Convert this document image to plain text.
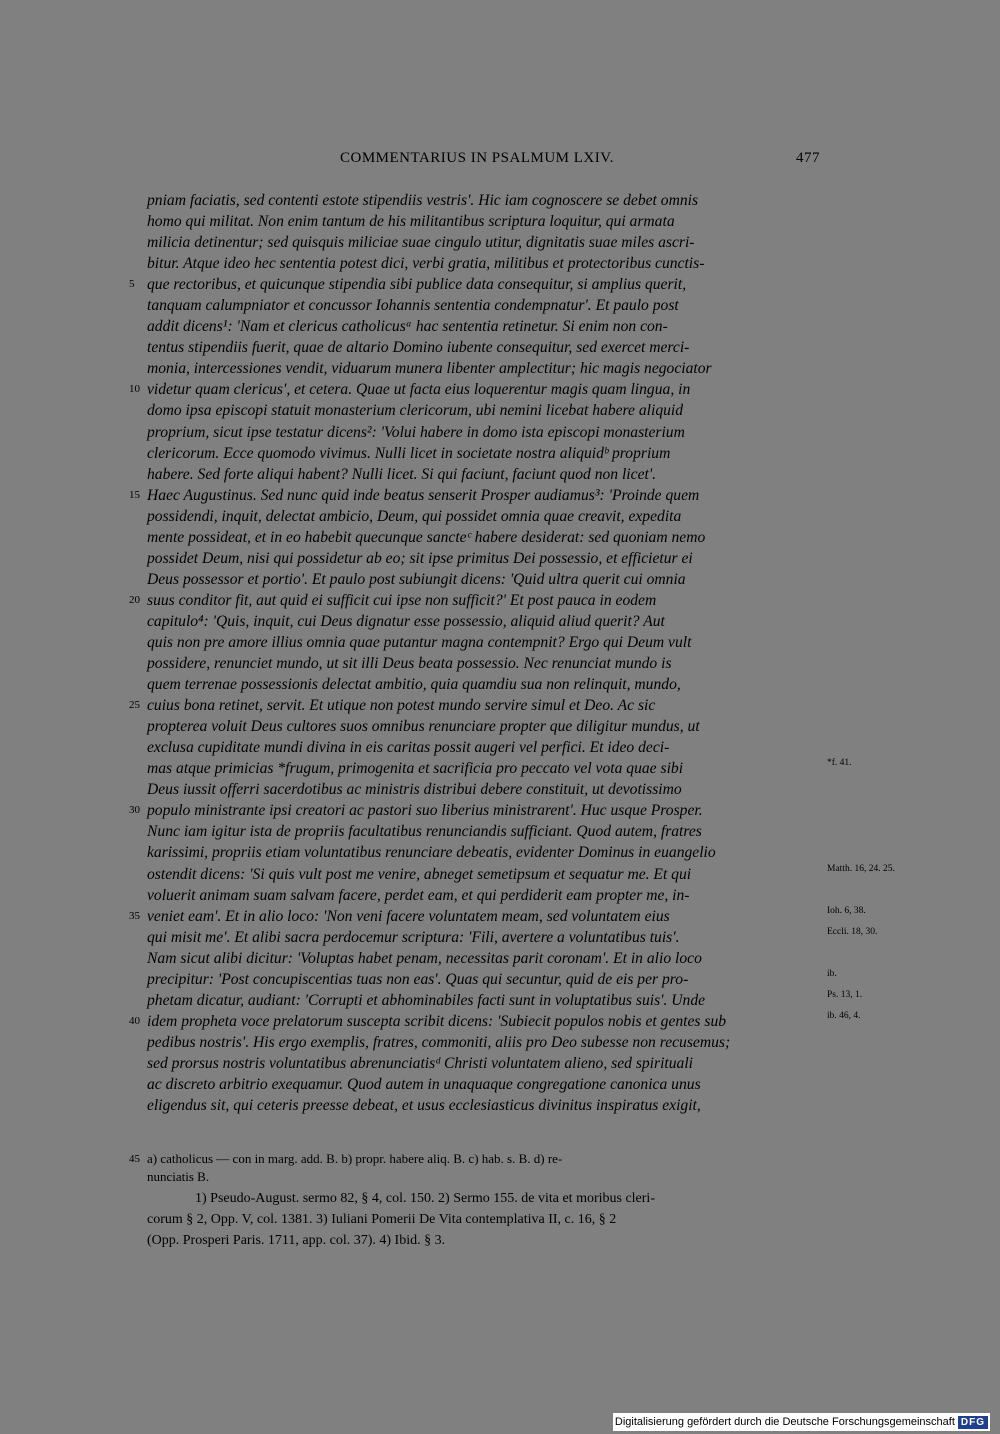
COMMENTARIUS IN PSALMUM LXIV.	477
pniam faciatis, sed contenti estote stipendiis vestris'. Hic iam cognoscere se debet omnis
homo qui militat. Non enim tantum de his militantibus scriptura loquitur, qui armata
milicia detinentur; sed quisquis miliciae suae cingulo utitur, dignitatis suae miles ascri-
bitur. Atque ideo hec sententia potest dici, verbi gratia, militibus et protectoribus cunctis-
5 que rectoribus, et quicunque stipendia sibi publice data consequitur, si amplius querit,
tanquam calumpniator et concussor Iohannis sententia condempnatur'. Et paulo post
addit dicens¹: 'Nam et clericus catholicusᵃ hac sententia retinetur. Si enim non con-
tentus stipendiis fuerit, quae de altario Domino iubente consequitur, sed exercet merci-
monia, intercessiones vendit, viduarum munera libenter amplectitur; hic magis negociator
10 videtur quam clericus', et cetera. Quae ut facta eius loquerentur magis quam lingua, in
domo ipsa episcopi statuit monasterium clericorum, ubi nemini licebat habere aliquid
proprium, sicut ipse testatur dicens²: 'Volui habere in domo ista episcopi monasterium
clericorum. Ecce quomodo vivimus. Nulli licet in societate nostra aliquidᵇ proprium
habere. Sed forte aliqui habent? Nulli licet. Si qui faciunt, faciunt quod non licet'.
15 Haec Augustinus. Sed nunc quid inde beatus senserit Prosper audiamus³: 'Proinde quem
possidendi, inquit, delectat ambicio, Deum, qui possidet omnia quae creavit, expedita
mente possideat, et in eo habebit quecunque sancteᶜ habere desiderat: sed quoniam nemo
possidet Deum, nisi qui possidetur ab eo; sit ipse primitus Dei possessio, et efficietur ei
Deus possessor et portio'. Et paulo post subiungit dicens: 'Quid ultra querit cui omnia
20 suus conditor fit, aut quid ei sufficit cui ipse non sufficit?' Et post pauca in eodem
capitulo⁴: 'Quis, inquit, cui Deus dignatur esse possessio, aliquid aliud querit? Aut
quis non pre amore illius omnia quae putantur magna contempnit? Ergo qui Deum vult
possidere, renunciet mundo, ut sit illi Deus beata possessio. Nec renunciat mundo is
quem terrenae possessionis delectat ambitio, quia quamdiu sua non relinquit, mundo,
25 cuius bona retinet, servit. Et utique non potest mundo servire simul et Deo. Ac sic
propterea voluit Deus cultores suos omnibus renunciare propter que diligitur mundus, ut
exclusa cupiditate mundi divina in eis caritas possit augeri vel perfici. Et ideo deci-
mas atque primicias *frugum, primogenita et sacrificia pro peccato vel vota quae sibi	*f. 41.
Deus iussit offerri sacerdotibus ac ministris distribui debere constituit, ut devotissimo
30 populo ministrante ipsi creatori ac pastori suo liberius ministrarent'. Huc usque Prosper.
Nunc iam igitur ista de propriis facultatibus renunciandis sufficiant. Quod autem, fratres
karissimi, propriis etiam voluntatibus renunciare debeatis, evidenter Dominus in euangelio
ostendit dicens: 'Si quis vult post me venire, abneget semetipsum et sequatur me. Et qui	Matth. 16, 24. 25.
voluerit animam suam salvam facere, perdet eam, et qui perdiderit eam propter me, in-
35 veniet eam'. Et in alio loco: 'Non veni facere voluntatem meam, sed voluntatem eius	Ioh. 6, 38.
qui misit me'. Et alibi sacra perdocemur scriptura: 'Fili, avertere a voluntatibus tuis'.	Eccli. 18, 30.
Nam sicut alibi dicitur: 'Voluptas habet penam, necessitas parit coronam'. Et in alio loco
precipitur: 'Post concupiscentias tuas non eas'. Quas qui secuntur, quid de eis per pro-	ib.
phetam dicatur, audiant: 'Corrupti et abhominabiles facti sunt in voluptatibus suis'. Unde	Ps. 13, 1.
40 idem propheta voce prelatorum suscepta scribit dicens: 'Subiecit populos nobis et gentes sub	ib. 46, 4.
pedibus nostris'. His ergo exemplis, fratres, commoniti, aliis pro Deo subesse non recusemus;
sed prorsus nostris voluntatibus abrenunciatisᵈ Christi voluntatem alieno, sed spirituali
ac discreto arbitrio exequamur. Quod autem in unaquaque congregatione canonica unus
eligendus sit, qui ceteris preesse debeat, et usus ecclesiasticus divinitus inspiratus exigit,
45 a) catholicus — con in marg. add. B. b) propr. habere aliq. B. c) hab. s. B. d) re-
nunciatis B.
1) Pseudo-August. sermo 82, § 4, col. 150. 2) Sermo 155. de vita et moribus cleri-
corum § 2, Opp. V, col. 1381. 3) Iuliani Pomerii De Vita contemplativa II, c. 16, § 2
(Opp. Prosperi Paris. 1711, app. col. 37). 4) Ibid. § 3.
Digitalisierung gefördert durch die Deutsche Forschungsgemeinschaft DFG
